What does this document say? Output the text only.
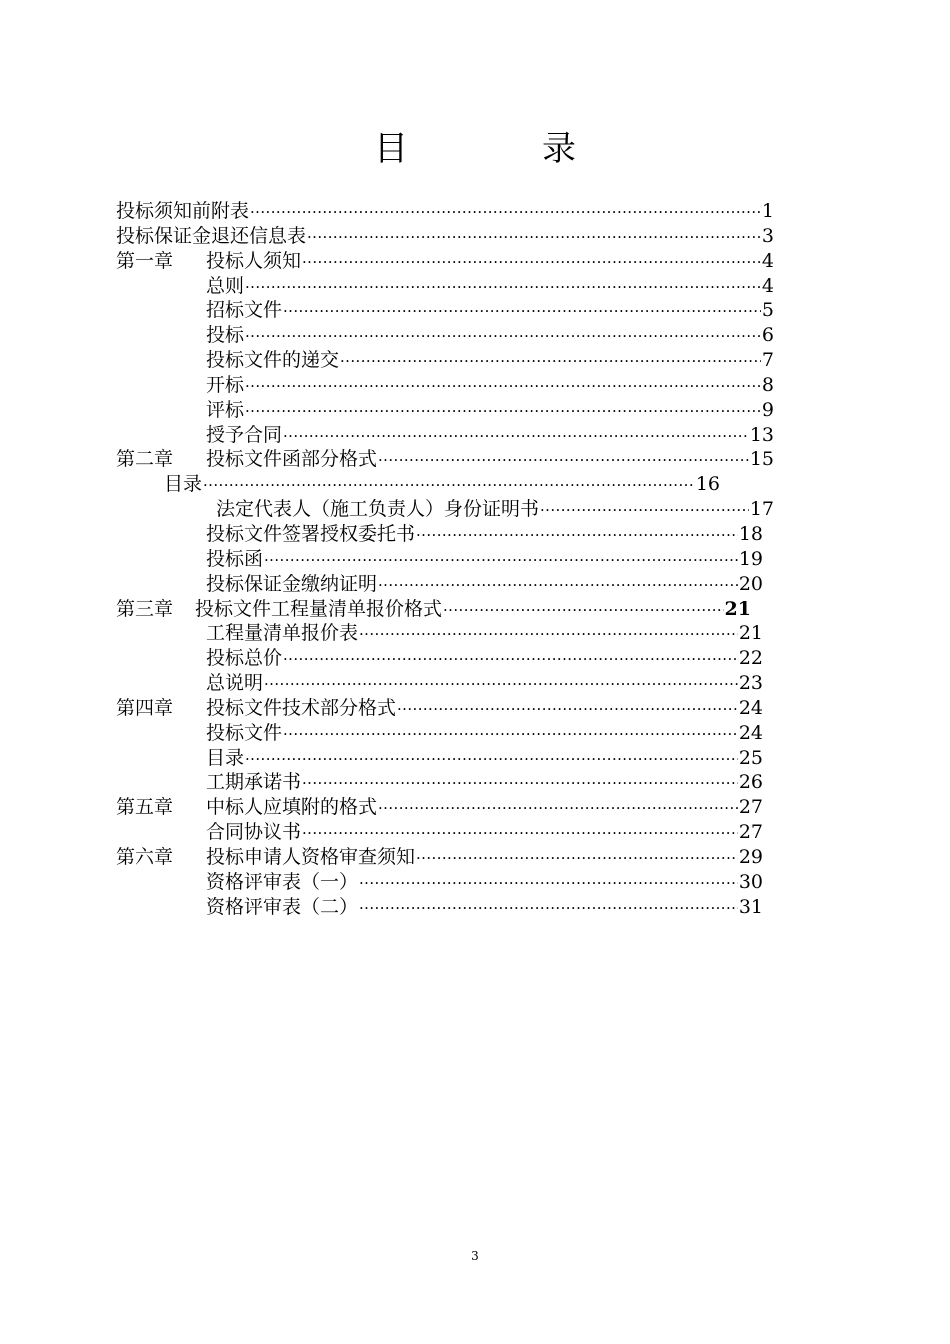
目　录
投标须知前附表 ·····	1
投标保证金退还信息表 ·····	3
第一章 投标人须知 ·····	4
总则 ·····	4
招标文件 ·····	5
投标 ·····	6
投标文件的递交 ·····	7
开标 ·····	8
评标 ·····	9
授予合同 ·····	13
第二章 投标文件函部分格式 ·····	15
目录 ·····	16
法定代表人（施工负责人）身份证明书 ·····	17
投标文件签署授权委托书 ·····	18
投标函 ·····	19
投标保证金缴纳证明 ·····	20
第三章 投标文件工程量清单报价格式 ·····	21
工程量清单报价表 ·····	21
投标总价 ·····	22
总说明 ·····	23
第四章 投标文件技术部分格式 ·····	24
投标文件 ·····	24
目录 ·····	25
工期承诺书 ·····	26
第五章 中标人应填附的格式 ·····	27
合同协议书 ·····	27
第六章 投标申请人资格审查须知 ·····	29
资格评审表（一） ·····	30
资格评审表（二） ·····	31
3
